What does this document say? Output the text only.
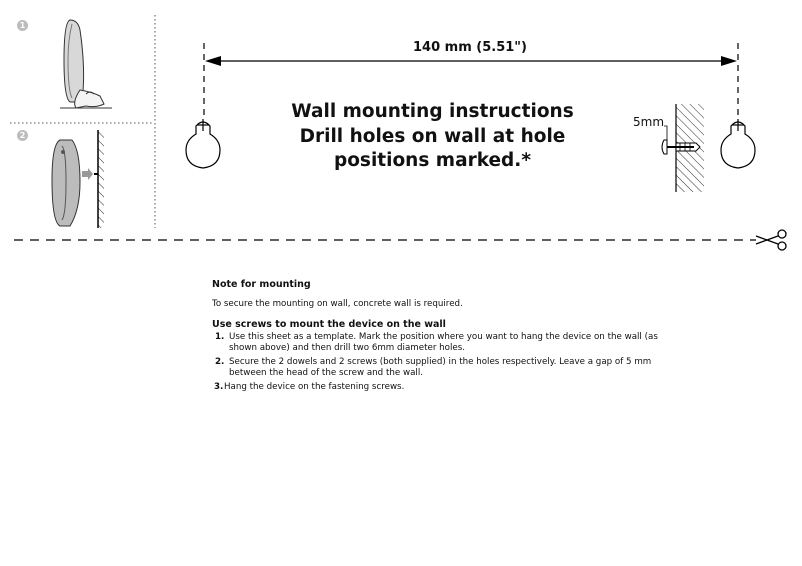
1
2
140 mm (5.51")
5mm
Wall mounting instructions
Drill holes on wall at hole
positions marked.*
Note for mounting

To secure the mounting on wall, concrete wall is required.

Use screws to mount the device on the wall
1. Use this sheet as a template. Mark the position where you want to hang the device on the wall (as shown above) and then drill two 6mm diameter holes.
2. Secure the 2 dowels and 2 screws (both supplied) in the holes respectively. Leave a gap of 5 mm between the head of the screw and the wall.
3. Hang the device on the fastening screws.
